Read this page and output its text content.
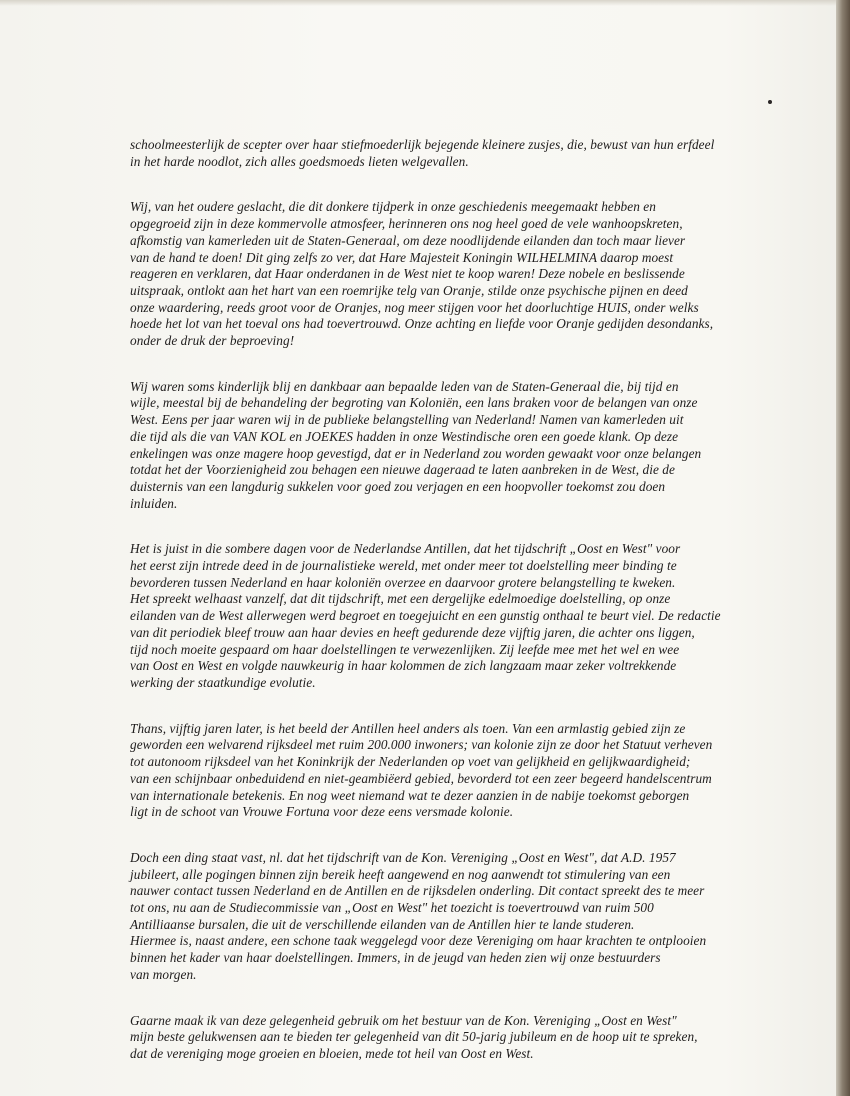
schoolmeesterlijk de scepter over haar stiefmoederlijk bejegende kleinere zusjes, die, bewust van hun erfdeel
in het harde noodlot, zich alles goedsmoeds lieten welgevallen.

Wij, van het oudere geslacht, die dit donkere tijdperk in onze geschiedenis meegemaakt hebben en
opgegroeid zijn in deze kommervolle atmosfeer, herinneren ons nog heel goed de vele wanhoopskreten,
afkomstig van kamerleden uit de Staten-Generaal, om deze noodlijdende eilanden dan toch maar liever
van de hand te doen! Dit ging zelfs zo ver, dat Hare Majesteit Koningin WILHELMINA daarop moest
reageren en verklaren, dat Haar onderdanen in de West niet te koop waren! Deze nobele en beslissende
uitspraak, ontlokt aan het hart van een roemrijke telg van Oranje, stilde onze psychische pijnen en deed
onze waardering, reeds groot voor de Oranjes, nog meer stijgen voor het doorluchtige HUIS, onder welks
hoede het lot van het toeval ons had toevertrouwd. Onze achting en liefde voor Oranje gedijden desondanks,
onder de druk der beproeving!

Wij waren soms kinderlijk blij en dankbaar aan bepaalde leden van de Staten-Generaal die, bij tijd en
wijle, meestal bij de behandeling der begroting van Koloniën, een lans braken voor de belangen van onze
West. Eens per jaar waren wij in de publieke belangstelling van Nederland! Namen van kamerleden uit
die tijd als die van VAN KOL en JOEKES hadden in onze Westindische oren een goede klank. Op deze
enkelingen was onze magere hoop gevestigd, dat er in Nederland zou worden gewaakt voor onze belangen
totdat het der Voorzienigheid zou behagen een nieuwe dageraad te laten aanbreken in de West, die de
duisternis van een langdurig sukkelen voor goed zou verjagen en een hoopvoller toekomst zou doen
inluiden.

Het is juist in die sombere dagen voor de Nederlandse Antillen, dat het tijdschrift „Oost en West" voor
het eerst zijn intrede deed in de journalistieke wereld, met onder meer tot doelstelling meer binding te
bevorderen tussen Nederland en haar koloniën overzee en daarvoor grotere belangstelling te kweken.
Het spreekt welhaast vanzelf, dat dit tijdschrift, met een dergelijke edelmoedige doelstelling, op onze
eilanden van de West allerwegen werd begroet en toegejuicht en een gunstig onthaal te beurt viel. De redactie
van dit periodiek bleef trouw aan haar devies en heeft gedurende deze vijftig jaren, die achter ons liggen,
tijd noch moeite gespaard om haar doelstellingen te verwezenlijken. Zij leefde mee met het wel en wee
van Oost en West en volgde nauwkeurig in haar kolommen de zich langzaam maar zeker voltrekkende
werking der staatkundige evolutie.

Thans, vijftig jaren later, is het beeld der Antillen heel anders als toen. Van een armlastig gebied zijn ze
geworden een welvarend rijksdeel met ruim 200.000 inwoners; van kolonie zijn ze door het Statuut verheven
tot autonoom rijksdeel van het Koninkrijk der Nederlanden op voet van gelijkheid en gelijkwaardigheid;
van een schijnbaar onbeduidend en niet-geambiëerd gebied, bevorderd tot een zeer begeerd handelscentrum
van internationale betekenis. En nog weet niemand wat te dezer aanzien in de nabije toekomst geborgen
ligt in de schoot van Vrouwe Fortuna voor deze eens versmade kolonie.

Doch een ding staat vast, nl. dat het tijdschrift van de Kon. Vereniging „Oost en West", dat A.D. 1957
jubileert, alle pogingen binnen zijn bereik heeft aangewend en nog aanwendt tot stimulering van een
nauwer contact tussen Nederland en de Antillen en de rijksdelen onderling. Dit contact spreekt des te meer
tot ons, nu aan de Studiecommissie van „Oost en West" het toezicht is toevertrouwd van ruim 500
Antilliaanse bursalen, die uit de verschillende eilanden van de Antillen hier te lande studeren.
Hiermee is, naast andere, een schone taak weggelegd voor deze Vereniging om haar krachten te ontplooien
binnen het kader van haar doelstellingen. Immers, in de jeugd van heden zien wij onze bestuurders
van morgen.

Gaarne maak ik van deze gelegenheid gebruik om het bestuur van de Kon. Vereniging „Oost en West"
mijn beste gelukwensen aan te bieden ter gelegenheid van dit 50-jarig jubileum en de hoop uit te spreken,
dat de vereniging moge groeien en bloeien, mede tot heil van Oost en West.
